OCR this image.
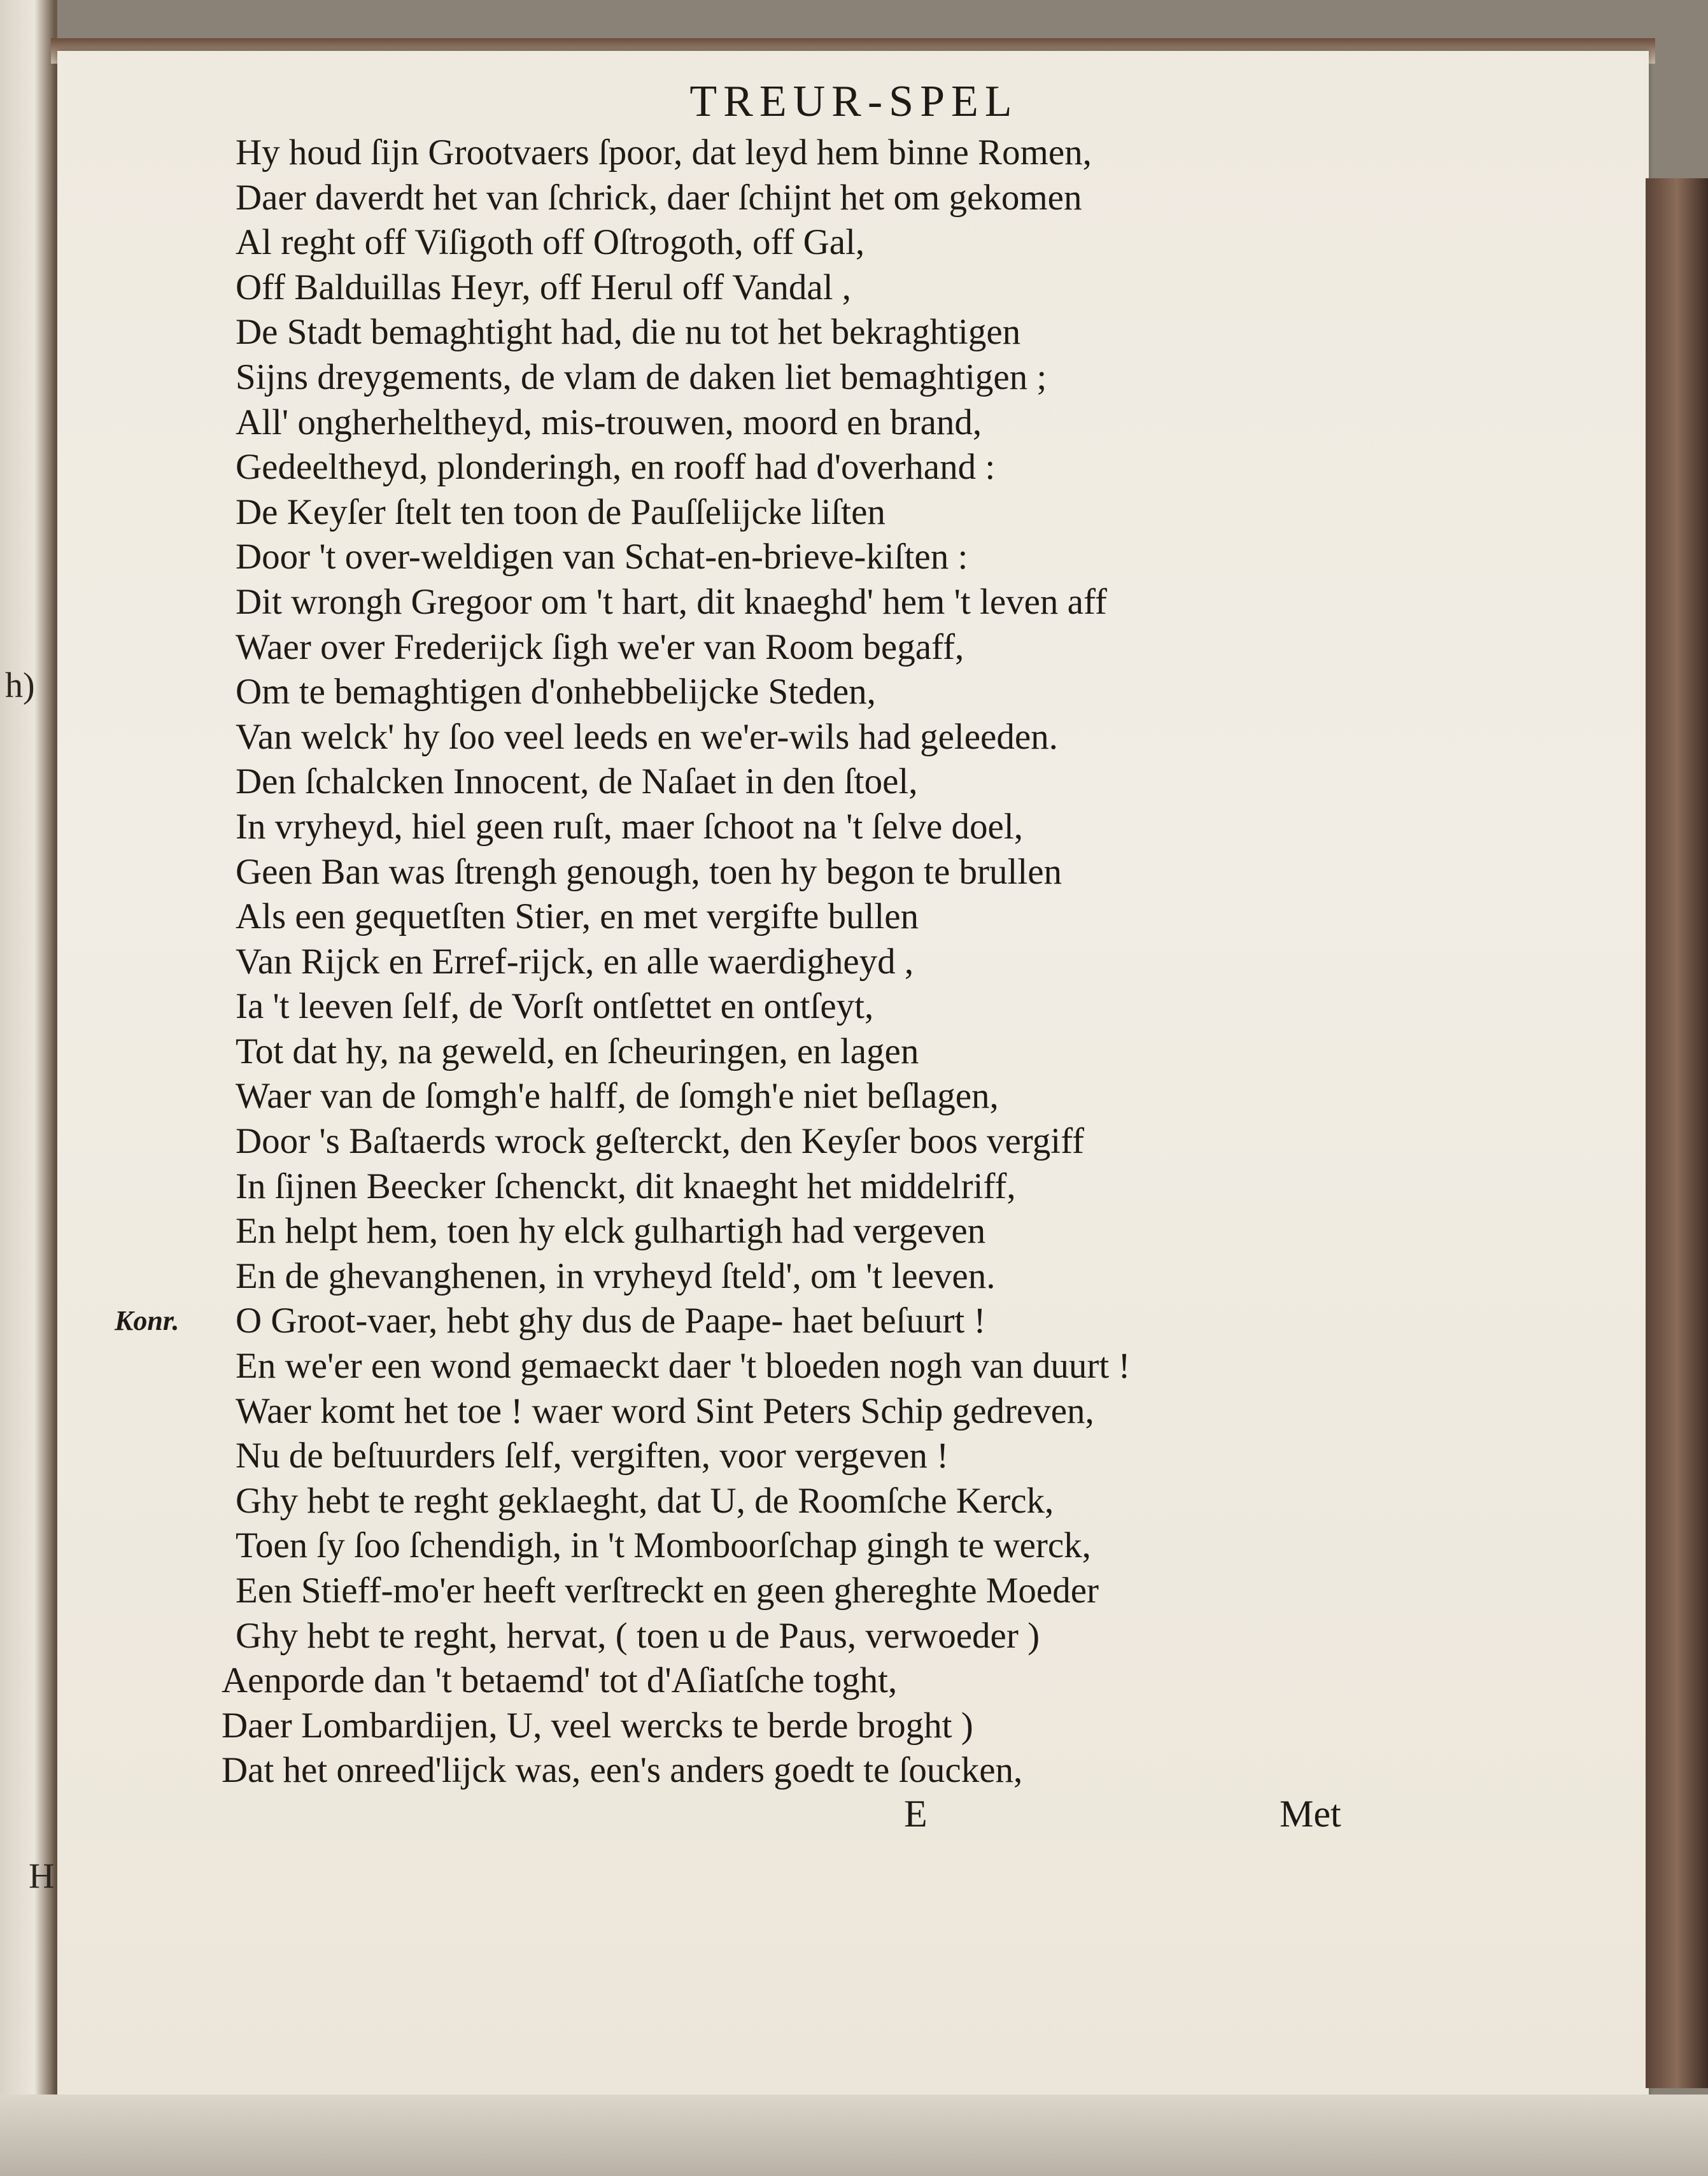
h)
H
TREUR-SPEL
Hy houd ſijn Grootvaers ſpoor, dat leyd hem binne Romen,
Daer daverdt het van ſchrick, daer ſchijnt het om gekomen
Al reght off Viſigoth off Oſtrogoth, off Gal,
Off Balduillas Heyr, off Herul off Vandal ,
De Stadt bemaghtight had, die nu tot het bekraghtigen
Sijns dreygements, de vlam de daken liet bemaghtigen ;
All' ongherheltheyd, mis-trouwen, moord en brand,
Gedeeltheyd, plonderingh, en rooff had d'overhand :
De Keyſer ſtelt ten toon de Pauſſelijcke liſten
Door 't over-weldigen van Schat-en-brieve-kiſten :
Dit wrongh Gregoor om 't hart, dit knaeghd' hem 't leven aff
Waer over Frederijck ſigh we'er van Room begaff,
Om te bemaghtigen d'onhebbelijcke Steden,
Van welck' hy ſoo veel leeds en we'er-wils had geleeden.
Den ſchalcken Innocent, de Naſaet in den ſtoel,
In vryheyd, hiel geen ruſt, maer ſchoot na 't ſelve doel,
Geen Ban was ſtrengh genough, toen hy begon te brullen
Als een gequetſten Stier, en met vergifte bullen
Van Rijck en Erref-rijck, en alle waerdigheyd ,
Ia 't leeven ſelf, de Vorſt ontſettet en ontſeyt,
Tot dat hy, na geweld, en ſcheuringen, en lagen
Waer van de ſomgh'e halff, de ſomgh'e niet beſlagen,
Door 's Baſtaerds wrock geſterckt, den Keyſer boos vergiff
In ſijnen Beecker ſchenckt, dit knaeght het middelriff,
En helpt hem, toen hy elck gulhartigh had vergeven
En de ghevanghenen, in vryheyd ſteld', om 't leeven.
Konr. O Groot-vaer, hebt ghy dus de Paape- haet beſuurt !
En we'er een wond gemaeckt daer 't bloeden nogh van duurt !
Waer komt het toe ! waer word Sint Peters Schip gedreven,
Nu de beſtuurders ſelf, vergiften, voor vergeven !
Ghy hebt te reght geklaeght, dat U, de Roomſche Kerck,
Toen ſy ſoo ſchendigh, in 't Momboorſchap gingh te werck,
Een Stieff-mo'er heeft verſtreckt en geen ghereghte Moeder
Ghy hebt te reght, hervat, ( toen u de Paus, verwoeder )
Aenporde dan 't betaemd' tot d'Aſiatſche toght,
Daer Lombardijen, U, veel wercks te berde broght )
Dat het onreed'lijck was, een's anders goedt te ſoucken,
E	Met
